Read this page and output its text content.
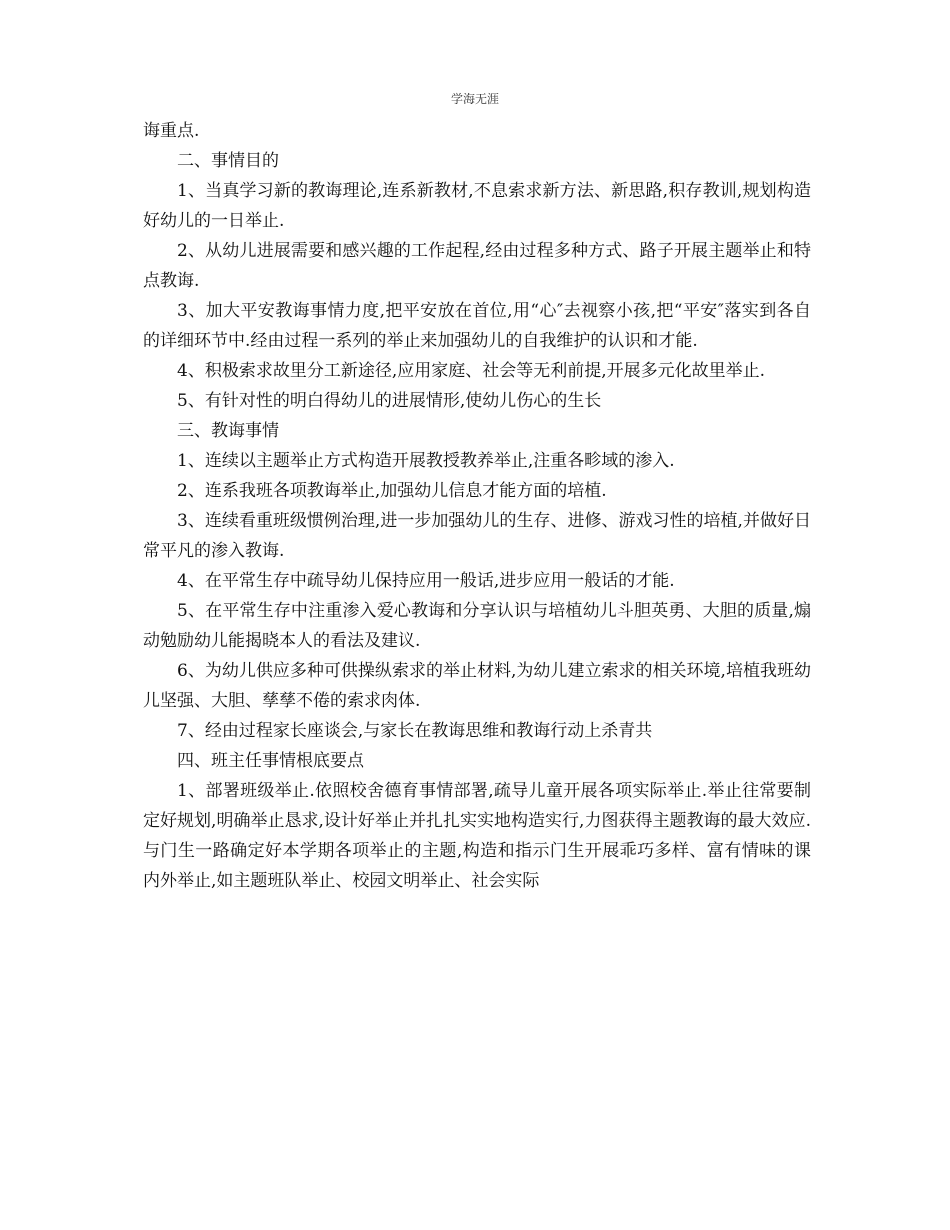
学海无涯

诲重点.

二、事情目的

1、当真学习新的教诲理论,连系新教材,不息索求新方法、新思路,积存教训,规划构造好幼儿的一日举止.

2、从幼儿进展需要和感兴趣的工作起程,经由过程多种方式、路子开展主题举止和特点教诲.

3、加大平安教诲事情力度,把平安放在首位,用“心″去视察小孩,把“平安″落实到各自的详细环节中.经由过程一系列的举止来加强幼儿的自我维护的认识和才能.

4、积极索求故里分工新途径,应用家庭、社会等无利前提,开展多元化故里举止.

5、有针对性的明白得幼儿的进展情形,使幼儿伤心的生长

三、教诲事情

1、连续以主题举止方式构造开展教授教养举止,注重各畛域的渗入.

2、连系我班各项教诲举止,加强幼儿信息才能方面的培植.

3、连续看重班级惯例治理,进一步加强幼儿的生存、进修、游戏习性的培植,并做好日常平凡的渗入教诲.

4、在平常生存中疏导幼儿保持应用一般话,进步应用一般话的才能.

5、在平常生存中注重渗入爱心教诲和分享认识与培植幼儿斗胆英勇、大胆的质量,煽动勉励幼儿能揭晓本人的看法及建议.

6、为幼儿供应多种可供操纵索求的举止材料,为幼儿建立索求的相关环境,培植我班幼儿坚强、大胆、孳孳不倦的索求肉体.

7、经由过程家长座谈会,与家长在教诲思维和教诲行动上杀青共

四、班主任事情根底要点

1、部署班级举止.依照校舍德育事情部署,疏导儿童开展各项实际举止.举止往常要制定好规划,明确举止恳求,设计好举止并扎扎实实地构造实行,力图获得主题教诲的最大效应.与门生一路确定好本学期各项举止的主题,构造和指示门生开展乖巧多样、富有情味的课内外举止,如主题班队举止、校园文明举止、社会实际
